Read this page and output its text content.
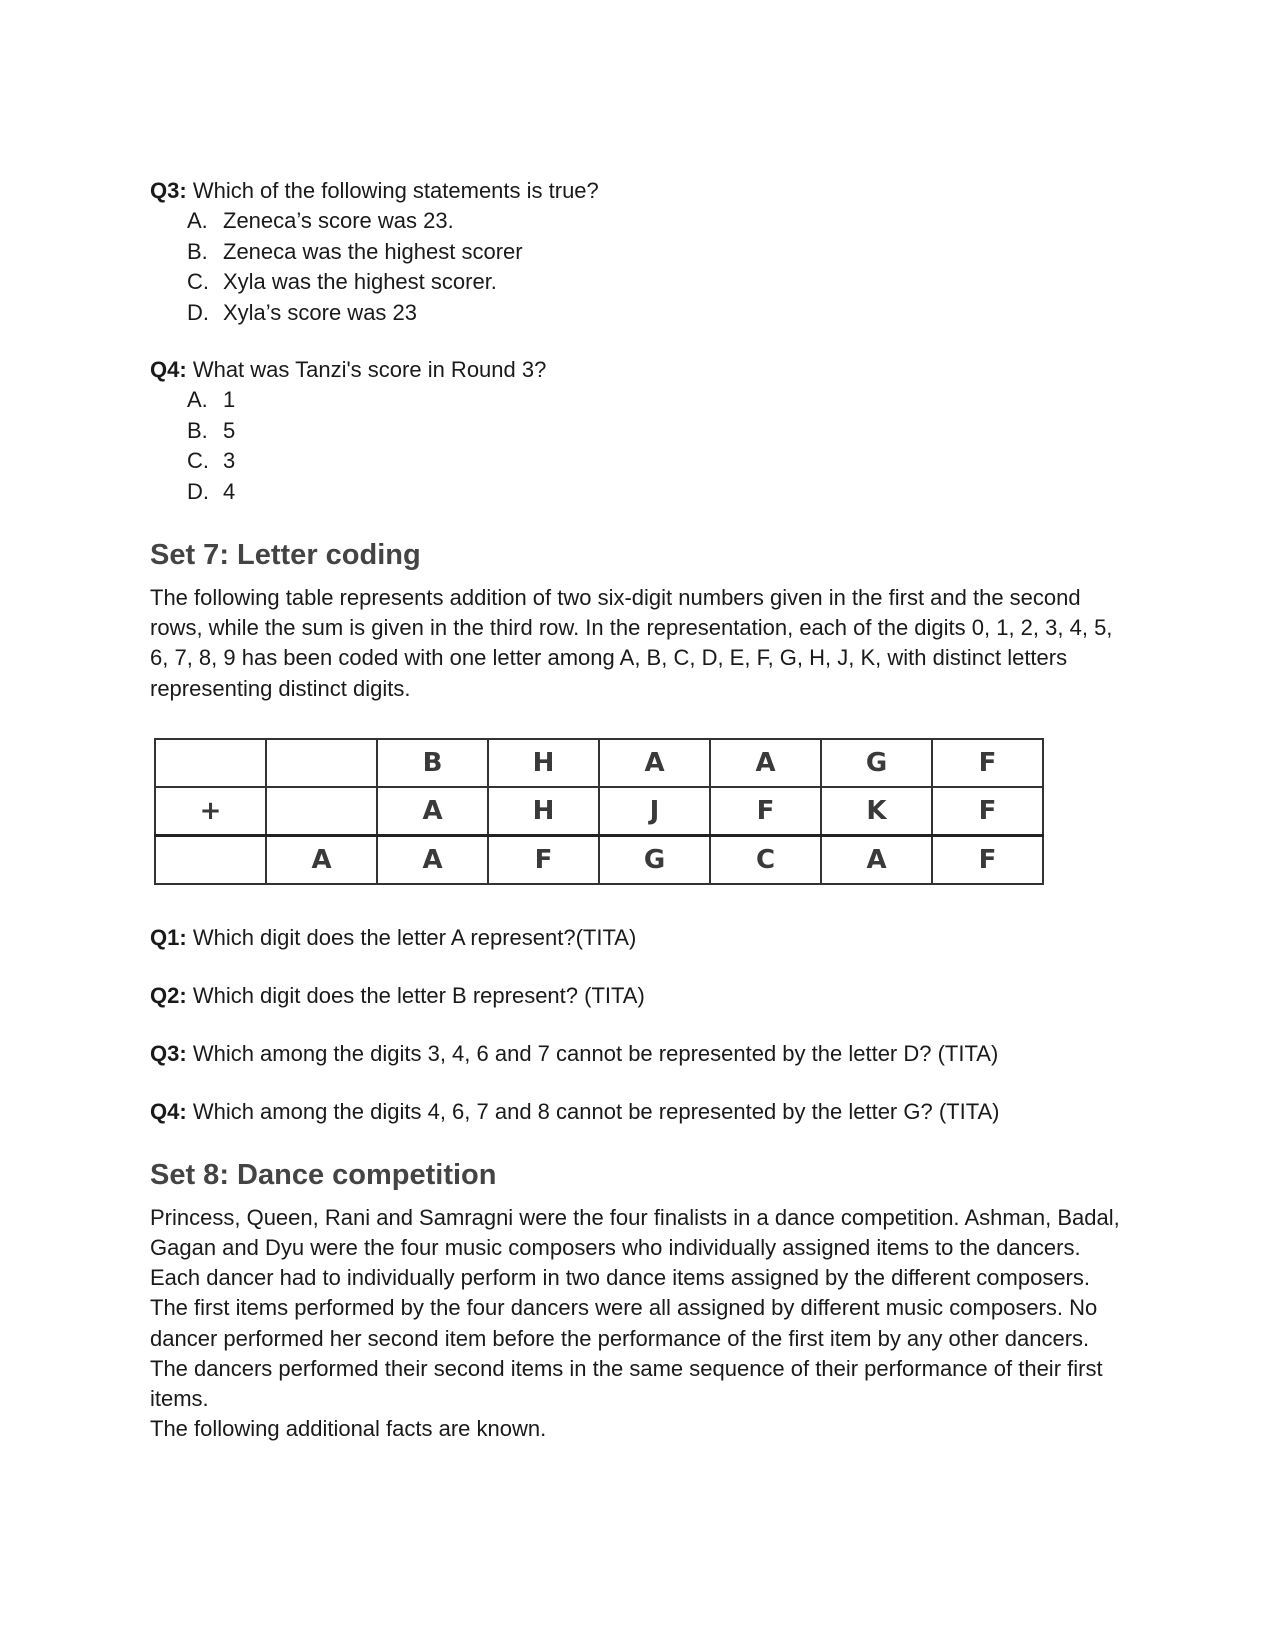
Q3: Which of the following statements is true?

A. Zeneca’s score was 23.
B. Zeneca was the highest scorer
C. Xyla was the highest scorer.
D. Xyla’s score was 23

Q4: What was Tanzi's score in Round 3?

A. 1
B. 5
C. 3
D. 4
Set 7: Letter coding

The following table represents addition of two six-digit numbers given in the first and the second rows, while the sum is given in the third row. In the representation, each of the digits 0, 1, 2, 3, 4, 5, 6, 7, 8, 9 has been coded with one letter among A, B, C, D, E, F, G, H, J, K, with distinct letters representing distinct digits.

		B	H	A	A	G	F
+		A	H	J	F	K	F
	A	A	F	G	C	A	F

Q1: Which digit does the letter A represent?(TITA)

Q2: Which digit does the letter B represent? (TITA)

Q3: Which among the digits 3, 4, 6 and 7 cannot be represented by the letter D? (TITA)

Q4: Which among the digits 4, 6, 7 and 8 cannot be represented by the letter G? (TITA)

Set 8: Dance competition

Princess, Queen, Rani and Samragni were the four finalists in a dance competition. Ashman, Badal, Gagan and Dyu were the four music composers who individually assigned items to the dancers. Each dancer had to individually perform in two dance items assigned by the different composers. The first items performed by the four dancers were all assigned by different music composers. No dancer performed her second item before the performance of the first item by any other dancers. The dancers performed their second items in the same sequence of their performance of their first items.

The following additional facts are known.
